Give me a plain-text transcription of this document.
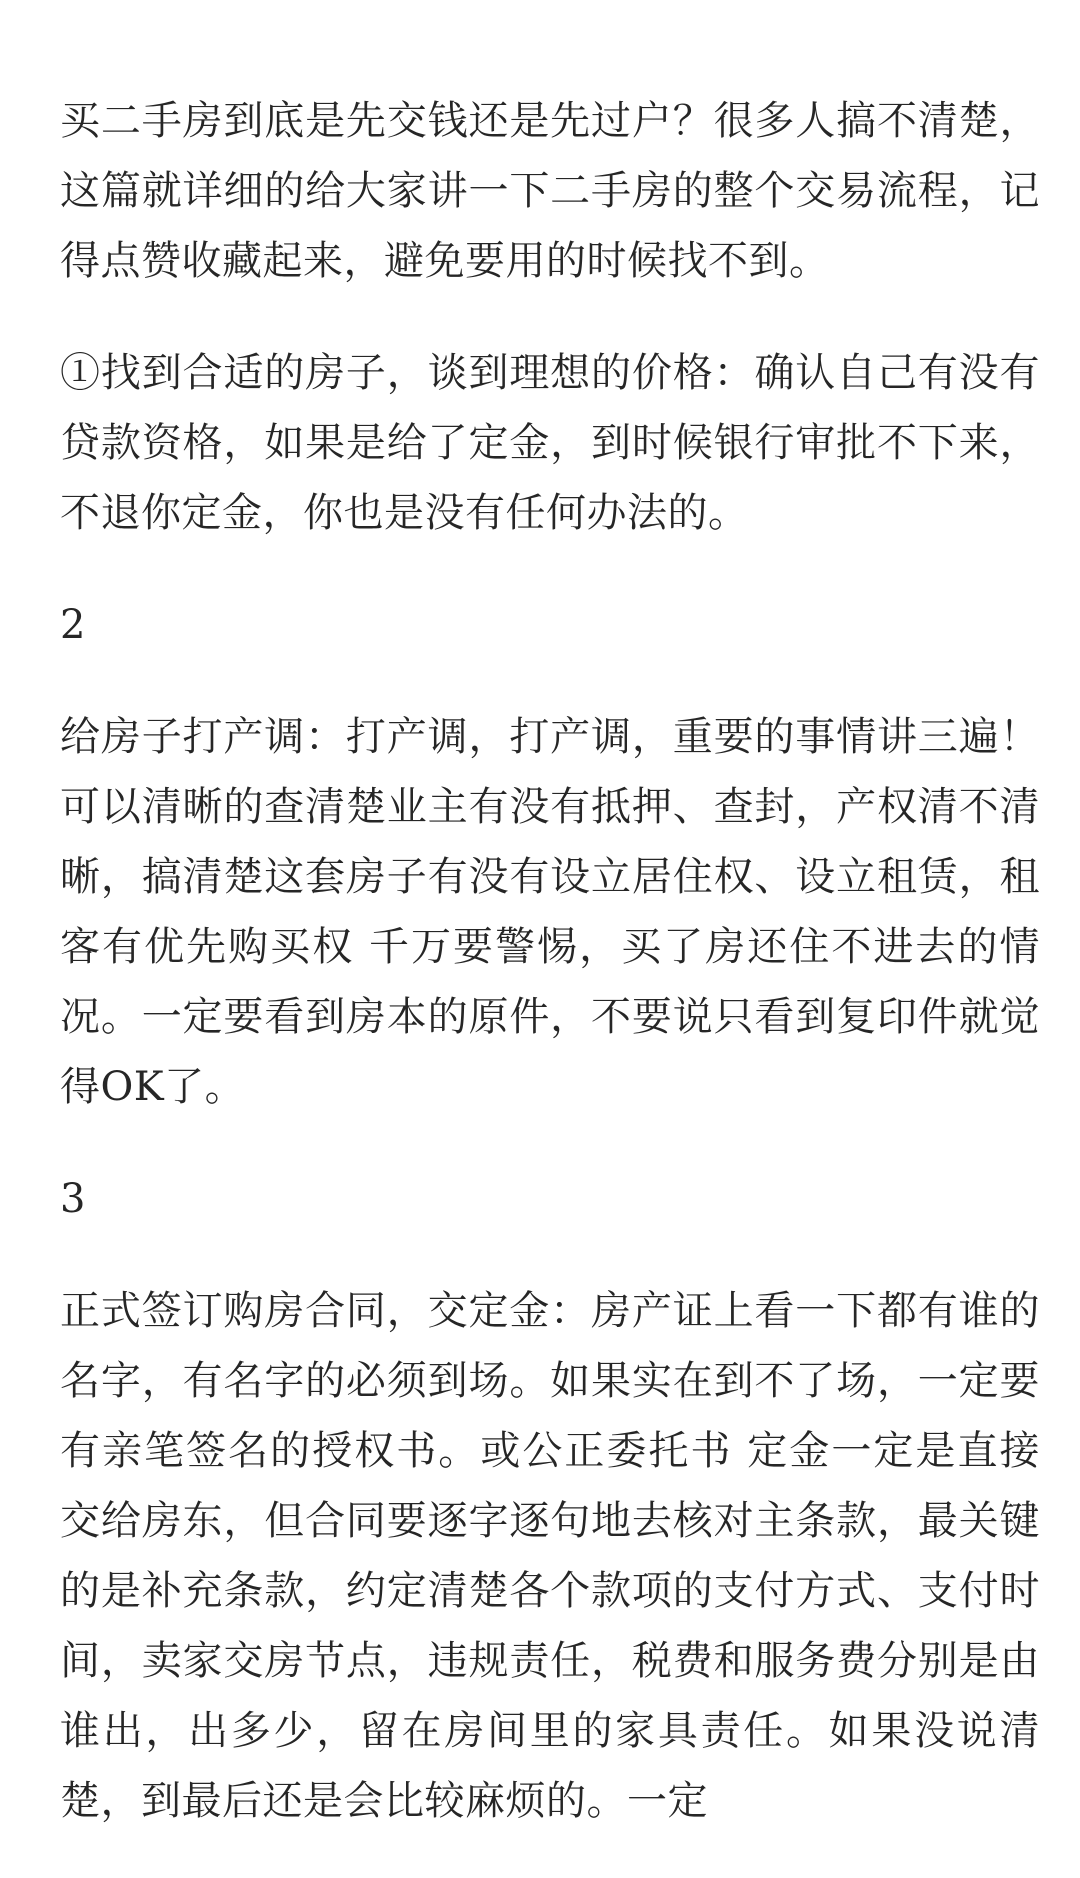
买二手房到底是先交钱还是先过户？很多人搞不清楚，这篇就详细的给大家讲一下二手房的整个交易流程，记得点赞收藏起来，避免要用的时候找不到。

①找到合适的房子，谈到理想的价格：确认自己有没有贷款资格，如果是给了定金，到时候银行审批不下来，不退你定金，你也是没有任何办法的。

2

给房子打产调：打产调，打产调，重要的事情讲三遍！可以清晰的查清楚业主有没有抵押、查封，产权清不清晰，搞清楚这套房子有没有设立居住权、设立租赁，租客有优先购买权 千万要警惕，买了房还住不进去的情况。一定要看到房本的原件，不要说只看到复印件就觉得OK了。

3

正式签订购房合同，交定金：房产证上看一下都有谁的名字，有名字的必须到场。如果实在到不了场，一定要有亲笔签名的授权书。或公正委托书 定金一定是直接交给房东，但合同要逐字逐句地去核对主条款，最关键的是补充条款，约定清楚各个款项的支付方式、支付时间，卖家交房节点，违规责任，税费和服务费分别是由谁出，出多少，留在房间里的家具责任。如果没说清楚，到最后还是会比较麻烦的。一定
